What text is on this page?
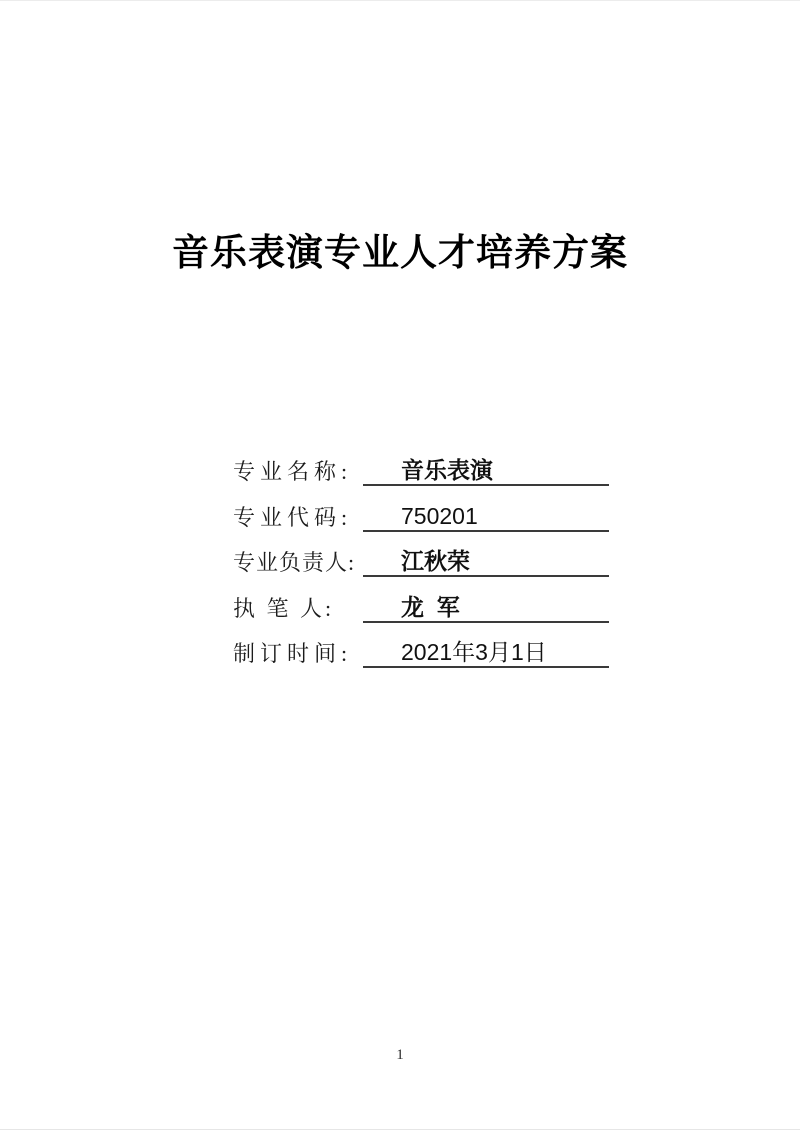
音乐表演专业人才培养方案
专业名称:	音乐表演
专业代码:	750201
专业负责人:	江秋荣
执 笔 人:	龙  军
制订时间:	2021年3月1日
1
